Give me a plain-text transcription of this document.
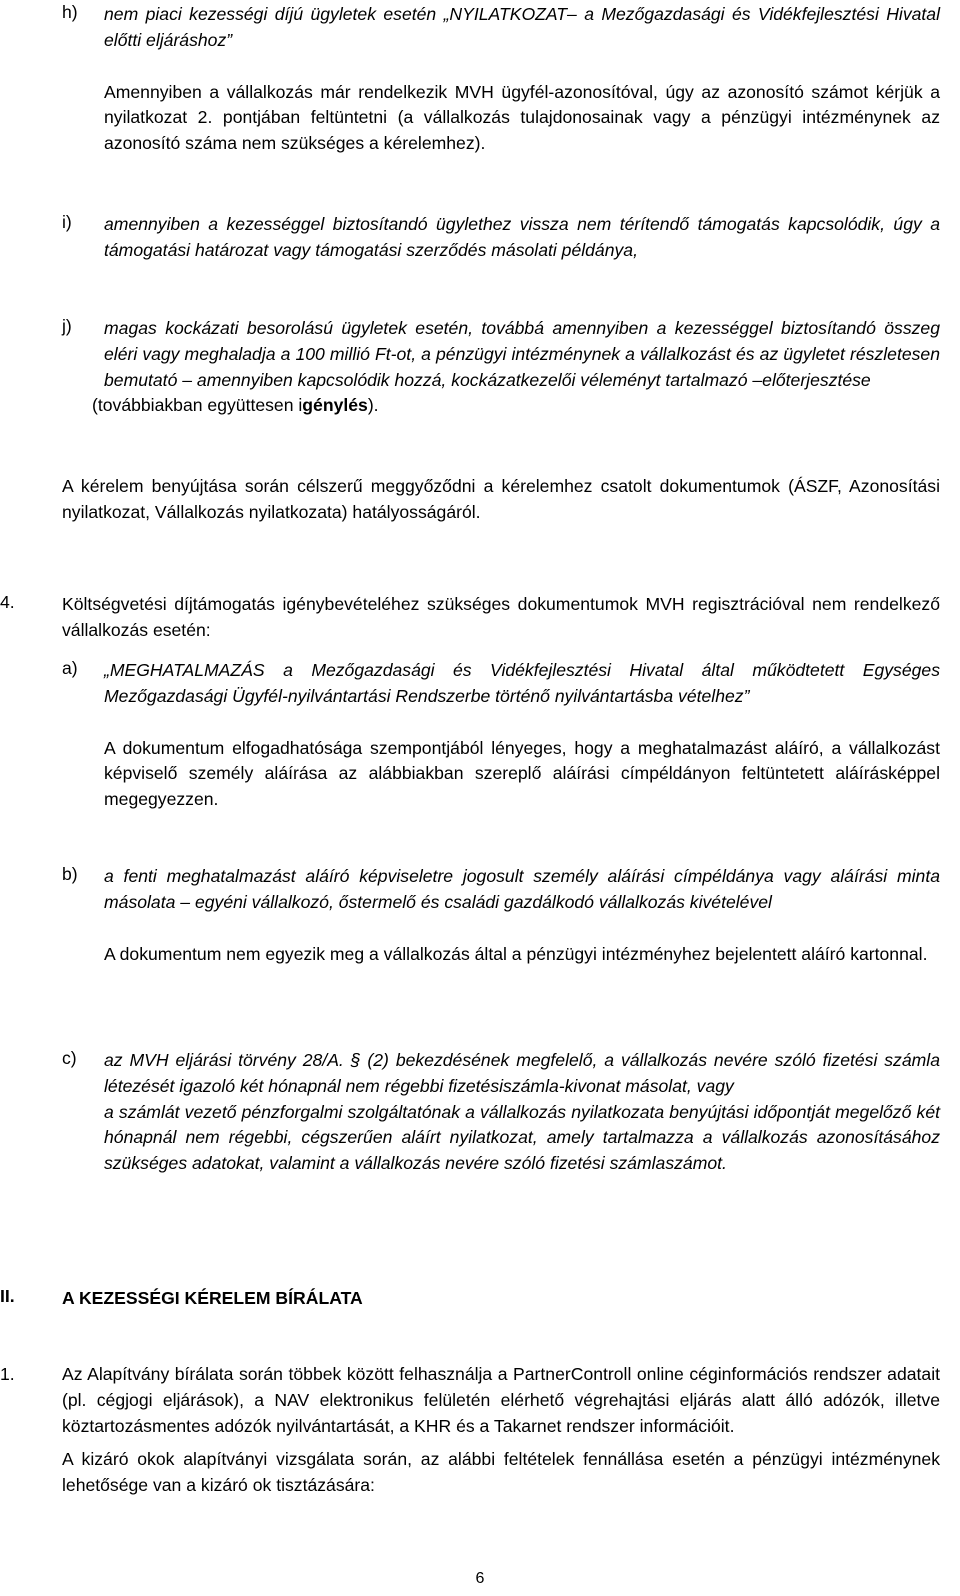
h)	nem piaci kezességi díjú ügyletek esetén „NYILATKOZAT– a Mezőgazdasági és Vidékfejlesztési Hivatal előtti eljáráshoz”
Amennyiben a vállalkozás már rendelkezik MVH ügyfél-azonosítóval, úgy az azonosító számot kérjük a nyilatkozat 2. pontjában feltüntetni (a vállalkozás tulajdonosainak vagy a pénzügyi intézménynek az azonosító száma nem szükséges a kérelemhez).
i)	amennyiben a kezességgel biztosítandó ügylethez vissza nem térítendő támogatás kapcsolódik, úgy a támogatási határozat vagy támogatási szerződés másolati példánya,
j)	magas kockázati besorolású ügyletek esetén, továbbá amennyiben a kezességgel biztosítandó összeg eléri vagy meghaladja a 100 millió Ft-ot, a pénzügyi intézménynek a vállalkozást és az ügyletet részletesen bemutató – amennyiben kapcsolódik hozzá, kockázatkezelői véleményt tartalmazó –előterjesztése
(továbbiakban együttesen igénylés).
A kérelem benyújtása során célszerű meggyőződni a kérelemhez csatolt dokumentumok (ÁSZF, Azonosítási nyilatkozat, Vállalkozás nyilatkozata) hatályosságáról.
4.	Költségvetési díjtámogatás igénybevételéhez szükséges dokumentumok MVH regisztrációval nem rendelkező vállalkozás esetén:
a)	„MEGHATALMAZÁS a Mezőgazdasági és Vidékfejlesztési Hivatal által működtetett Egységes Mezőgazdasági Ügyfél-nyilvántartási Rendszerbe történő nyilvántartásba vételhez”
A dokumentum elfogadhatósága szempontjából lényeges, hogy a meghatalmazást aláíró, a vállalkozást képviselő személy aláírása az alábbiakban szereplő aláírási címpéldányon feltüntetett aláírásképpel megegyezzen.
b)	a fenti meghatalmazást aláíró képviseletre jogosult személy aláírási címpéldánya vagy aláírási minta másolata – egyéni vállalkozó, őstermelő és családi gazdálkodó vállalkozás kivételével
A dokumentum nem egyezik meg a vállalkozás által a pénzügyi intézményhez bejelentett aláíró kartonnal.
c)	az MVH eljárási törvény 28/A. § (2) bekezdésének megfelelő, a vállalkozás nevére szóló fizetési számla létezését igazoló két hónapnál nem régebbi fizetésiszámla-kivonat másolat, vagy
a számlát vezető pénzforgalmi szolgáltatónak a vállalkozás nyilatkozata benyújtási időpontját megelőző két hónapnál nem régebbi, cégszerűen aláírt nyilatkozat, amely tartalmazza a vállalkozás azonosításához szükséges adatokat, valamint a vállalkozás nevére szóló fizetési számlaszámot.
II.	A KEZESSÉGI KÉRELEM BÍRÁLATA
1.	Az Alapítvány bírálata során többek között felhasználja a PartnerControll online céginformációs rendszer adatait (pl. cégjogi eljárások), a NAV elektronikus felületén elérhető végrehajtási eljárás alatt álló adózók, illetve köztartozásmentes adózók nyilvántartását, a KHR és a Takarnet rendszer információit.
A kizáró okok alapítványi vizsgálata során, az alábbi feltételek fennállása esetén a pénzügyi intézménynek lehetősége van a kizáró ok tisztázására:
6
